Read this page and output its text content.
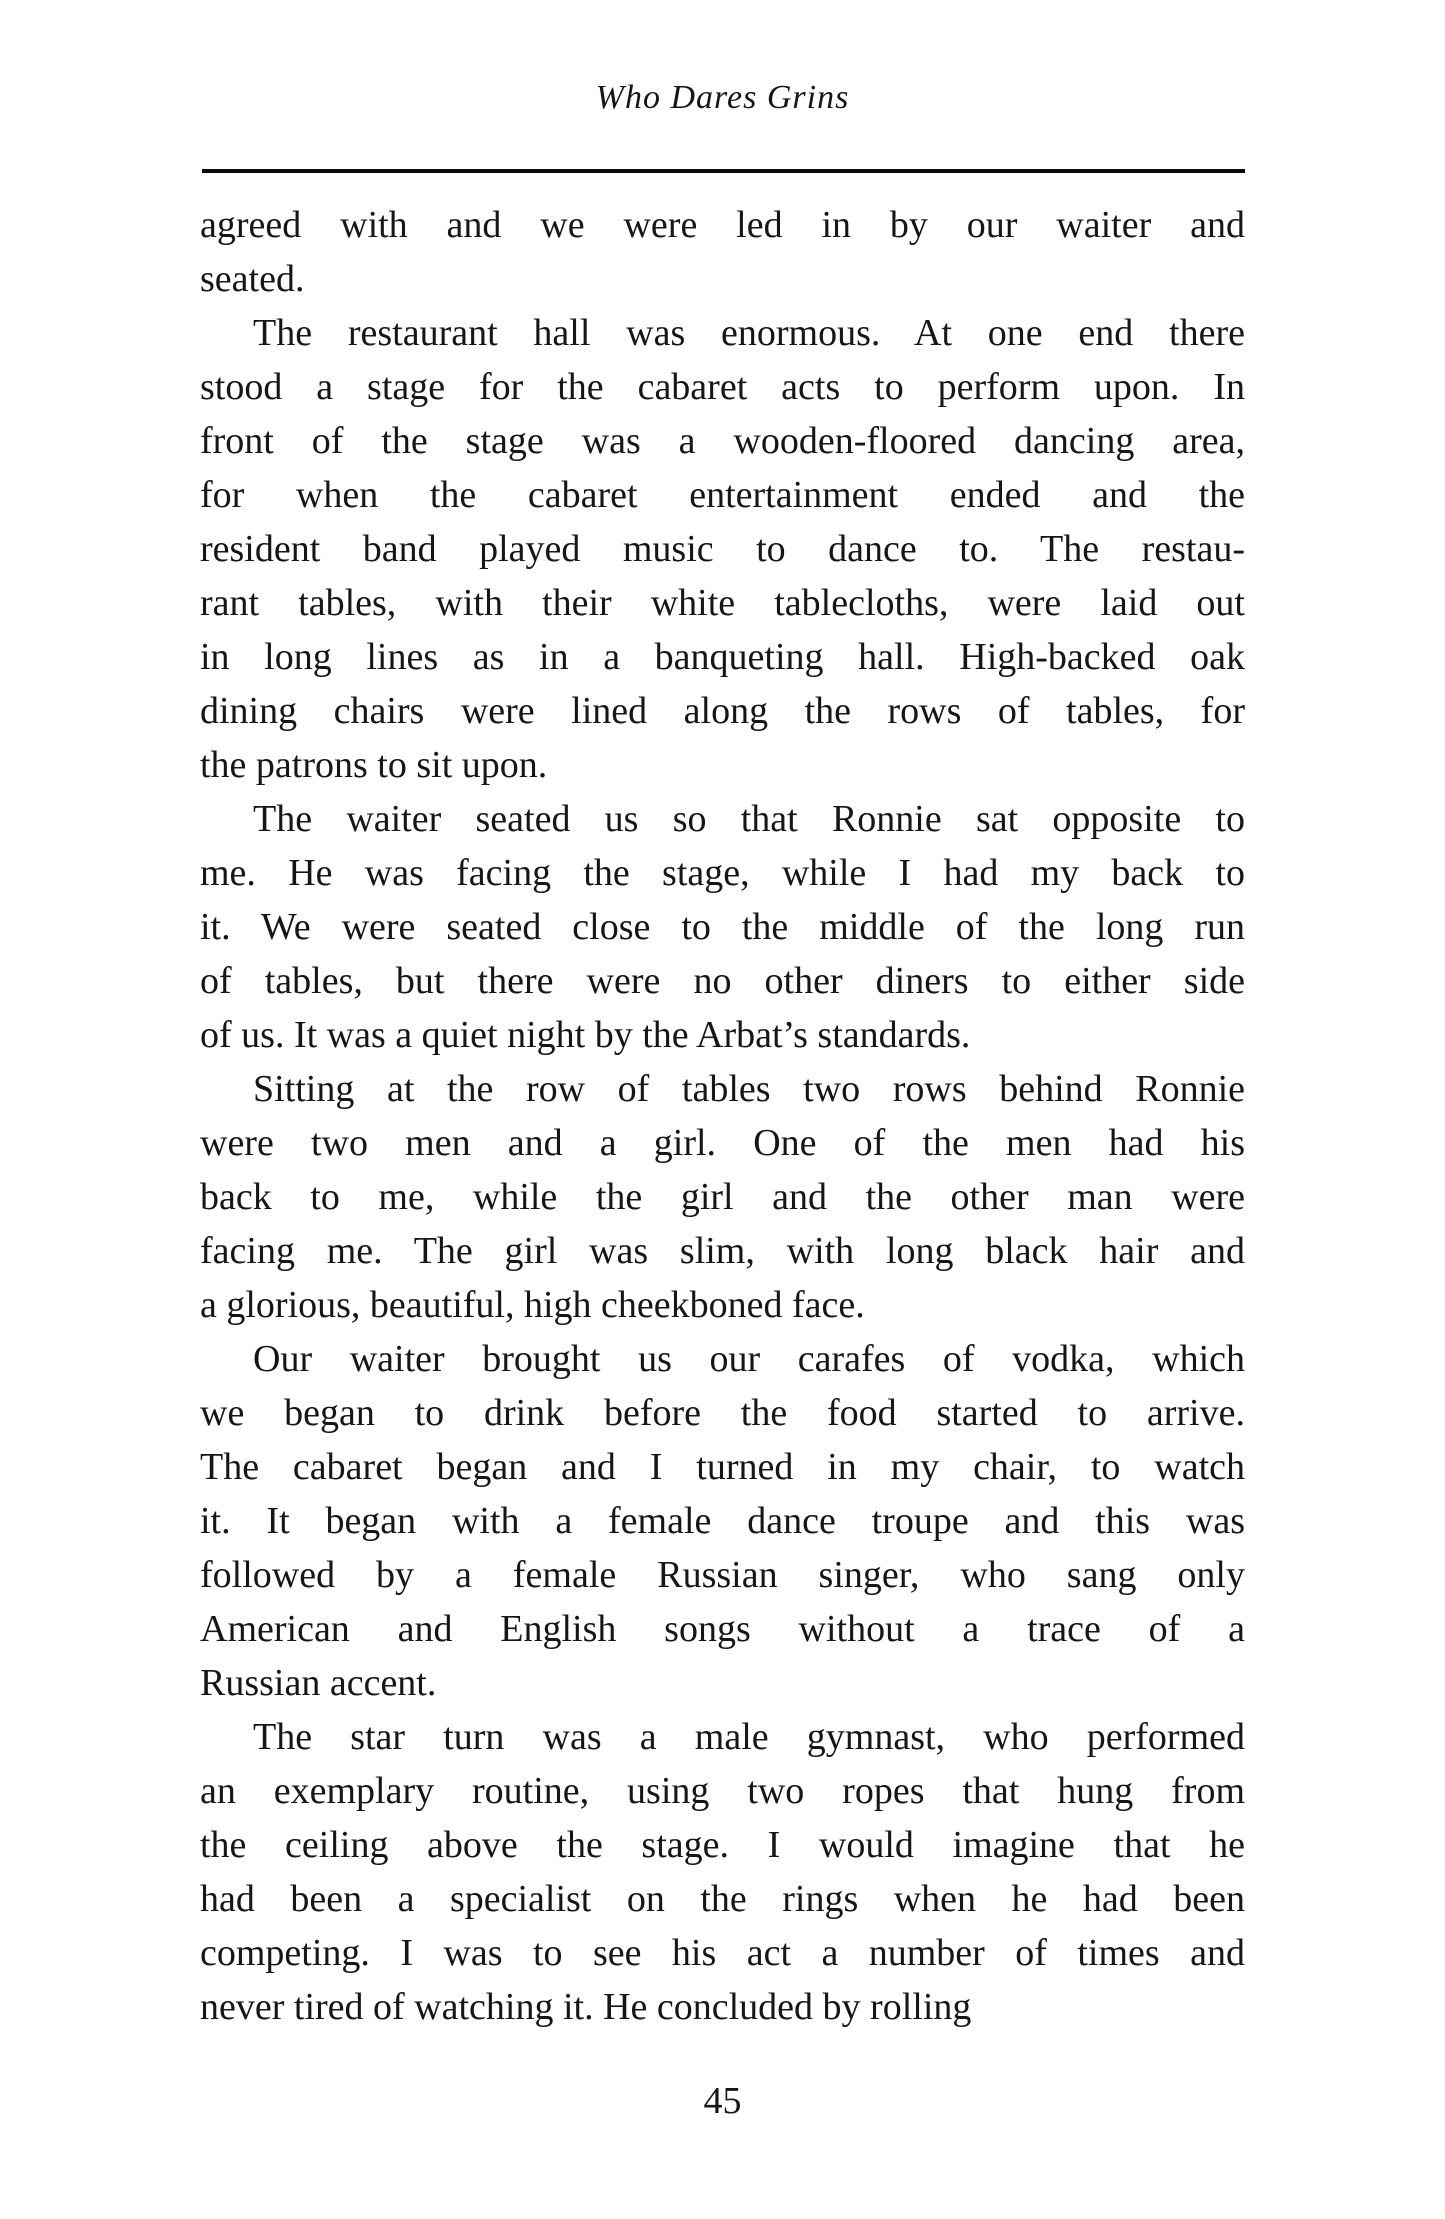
Who Dares Grins
agreed with and we were led in by our waiter and
seated.
The restaurant hall was enormous. At one end there
stood a stage for the cabaret acts to perform upon. In
front of the stage was a wooden-floored dancing area,
for when the cabaret entertainment ended and the
resident band played music to dance to. The restau-
rant tables, with their white tablecloths, were laid out
in long lines as in a banqueting hall. High-backed oak
dining chairs were lined along the rows of tables, for
the patrons to sit upon.
The waiter seated us so that Ronnie sat opposite to
me. He was facing the stage, while I had my back to
it. We were seated close to the middle of the long run
of tables, but there were no other diners to either side
of us. It was a quiet night by the Arbat’s standards.
Sitting at the row of tables two rows behind Ronnie
were two men and a girl. One of the men had his
back to me, while the girl and the other man were
facing me. The girl was slim, with long black hair and
a glorious, beautiful, high cheekboned face.
Our waiter brought us our carafes of vodka, which
we began to drink before the food started to arrive.
The cabaret began and I turned in my chair, to watch
it. It began with a female dance troupe and this was
followed by a female Russian singer, who sang only
American and English songs without a trace of a
Russian accent.
The star turn was a male gymnast, who performed
an exemplary routine, using two ropes that hung from
the ceiling above the stage. I would imagine that he
had been a specialist on the rings when he had been
competing. I was to see his act a number of times and
never tired of watching it. He concluded by rolling
45
